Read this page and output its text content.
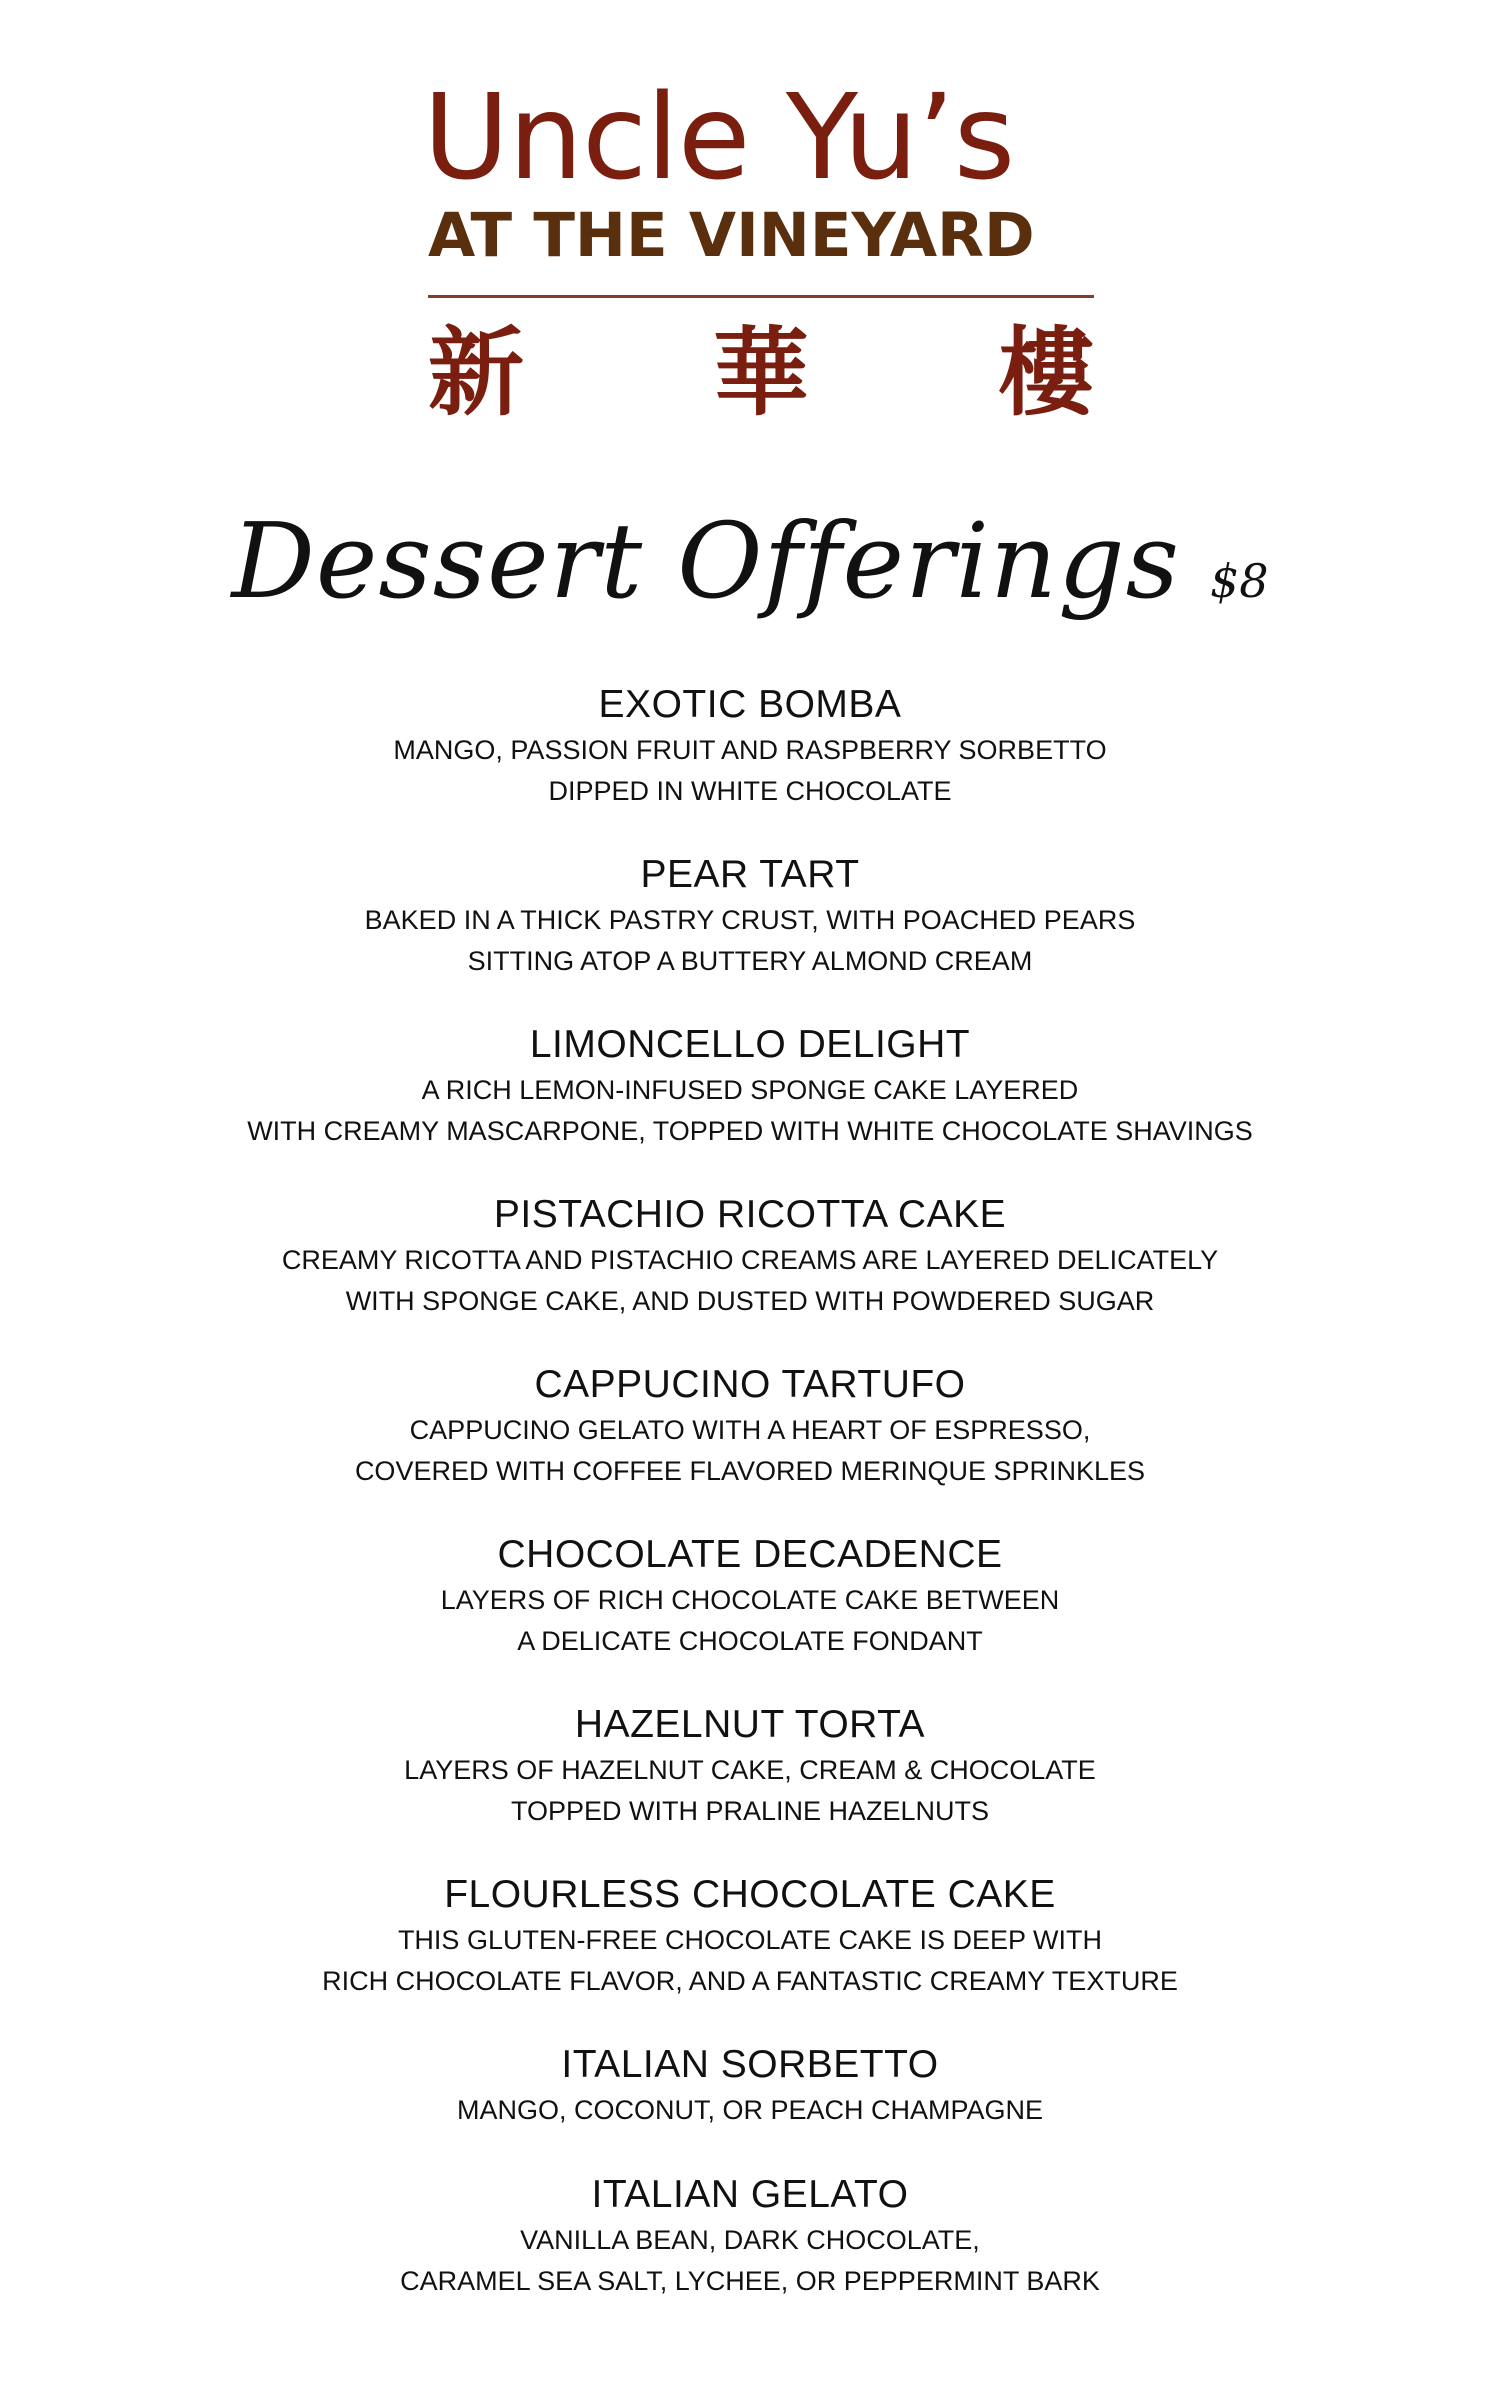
Uncle Yu’s
AT THE VINEYARD
新 華 樓
Dessert Offerings $8
EXOTIC BOMBA
MANGO, PASSION FRUIT AND RASPBERRY SORBETTO
DIPPED IN WHITE CHOCOLATE
PEAR TART
BAKED IN A THICK PASTRY CRUST, WITH POACHED PEARS
SITTING ATOP A BUTTERY ALMOND CREAM
LIMONCELLO DELIGHT
A RICH LEMON-INFUSED SPONGE CAKE LAYERED
WITH CREAMY MASCARPONE, TOPPED WITH WHITE CHOCOLATE SHAVINGS
PISTACHIO RICOTTA CAKE
CREAMY RICOTTA AND PISTACHIO CREAMS ARE LAYERED DELICATELY
WITH SPONGE CAKE, AND DUSTED WITH POWDERED SUGAR
CAPPUCINO TARTUFO
CAPPUCINO GELATO WITH A HEART OF ESPRESSO,
COVERED WITH COFFEE FLAVORED MERINQUE SPRINKLES
CHOCOLATE DECADENCE
LAYERS OF RICH CHOCOLATE CAKE BETWEEN
A DELICATE CHOCOLATE FONDANT
HAZELNUT TORTA
LAYERS OF HAZELNUT CAKE, CREAM & CHOCOLATE
TOPPED WITH PRALINE HAZELNUTS
FLOURLESS CHOCOLATE CAKE
THIS GLUTEN-FREE CHOCOLATE CAKE IS DEEP WITH
RICH CHOCOLATE FLAVOR, AND A FANTASTIC CREAMY TEXTURE
ITALIAN SORBETTO
MANGO, COCONUT, OR PEACH CHAMPAGNE
ITALIAN GELATO
VANILLA BEAN, DARK CHOCOLATE,
CARAMEL SEA SALT, LYCHEE, OR PEPPERMINT BARK
